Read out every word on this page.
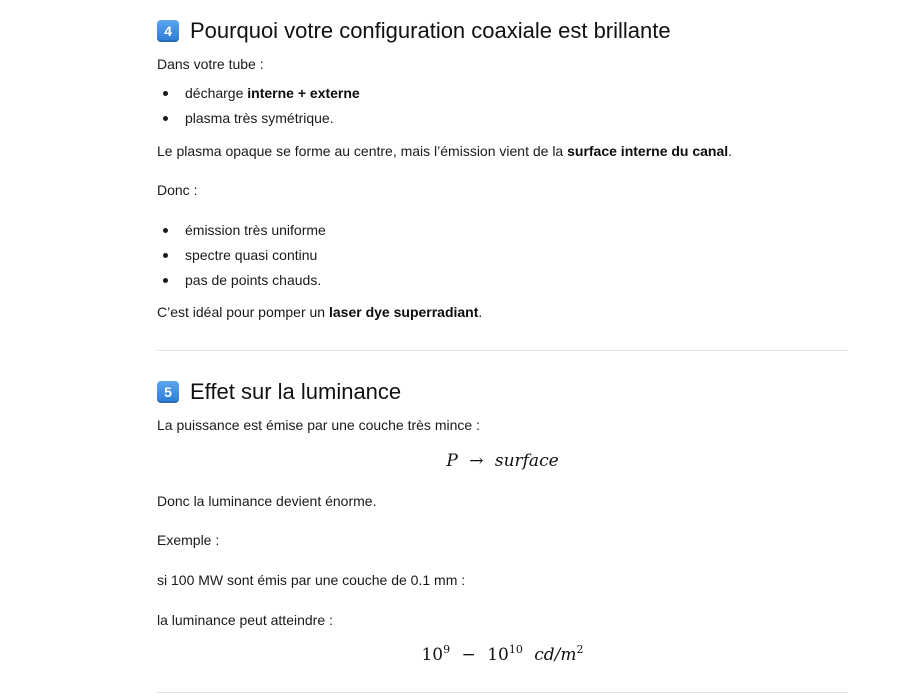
4 Pourquoi votre configuration coaxiale est brillante

Dans votre tube :

décharge interne + externe
plasma très symétrique.

Le plasma opaque se forme au centre, mais l’émission vient de la surface interne du canal.

Donc :

émission très uniforme
spectre quasi continu
pas de points chauds.

C’est idéal pour pomper un laser dye superradiant.

5 Effet sur la luminance

La puissance est émise par une couche très mince :

P → surface

Donc la luminance devient énorme.

Exemple :

si 100 MW sont émis par une couche de 0.1 mm :

la luminance peut atteindre :

$10^9 - 10^{10}$ $cd/m^2$
